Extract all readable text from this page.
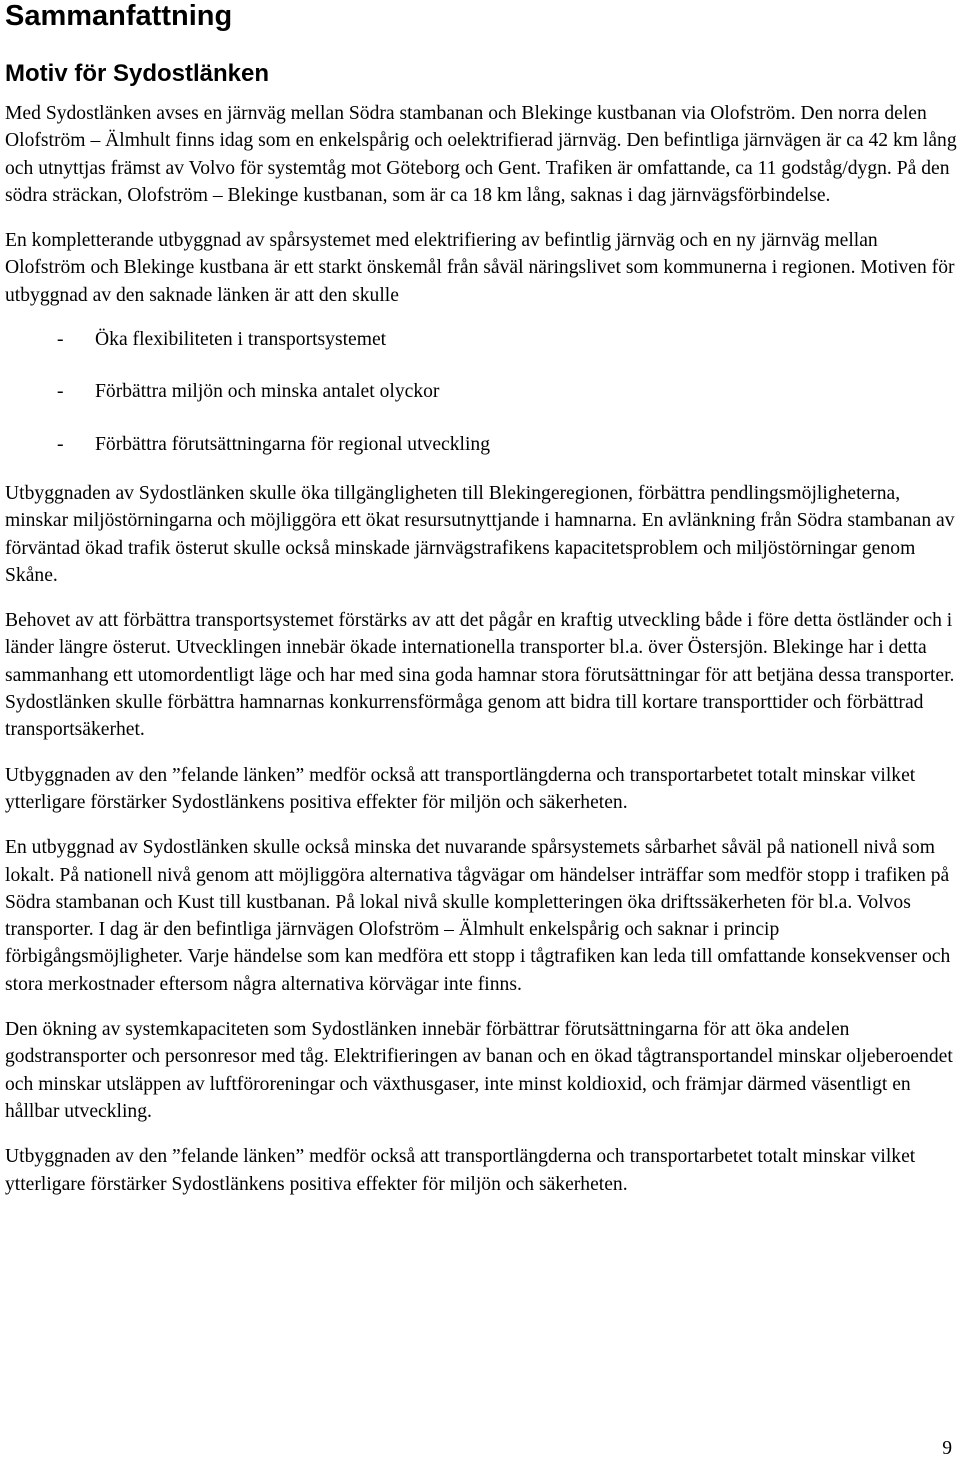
Sammanfattning
Motiv för Sydostlänken

Med Sydostlänken avses en järnväg mellan Södra stambanan och Blekinge kustbanan via Olofström. Den norra delen Olofström – Älmhult finns idag som en enkelspårig och oelektrifierad järnväg. Den befintliga järnvägen är ca 42 km lång och utnyttjas främst av Volvo för systemtåg mot Göteborg och Gent. Trafiken är omfattande, ca 11 godståg/dygn. På den södra sträckan, Olofström – Blekinge kustbanan, som är ca 18 km lång, saknas i dag järnvägsförbindelse.

En kompletterande utbyggnad av spårsystemet med elektrifiering av befintlig järnväg och en ny järnväg mellan Olofström och Blekinge kustbana är ett starkt önskemål från såväl näringslivet som kommunerna i regionen. Motiven för utbyggnad av den saknade länken är att den skulle

-	Öka flexibiliteten i transportsystemet
-	Förbättra miljön och minska antalet olyckor
-	Förbättra förutsättningarna för regional utveckling

Utbyggnaden av Sydostlänken skulle öka tillgängligheten till Blekingeregionen, förbättra pendlingsmöjligheterna, minskar miljöstörningarna och möjliggöra ett ökat resursutnyttjande i hamnarna. En avlänkning från Södra stambanan av förväntad ökad trafik österut skulle också minskade järnvägstrafikens kapacitetsproblem och miljöstörningar genom Skåne.

Behovet av att förbättra transportsystemet förstärks av att det pågår en kraftig utveckling både i före detta östländer och i länder längre österut. Utvecklingen innebär ökade internationella transporter bl.a. över Östersjön. Blekinge har i detta sammanhang ett utomordentligt läge och har med sina goda hamnar stora förutsättningar för att betjäna dessa transporter. Sydostlänken skulle förbättra hamnarnas konkurrensförmåga genom att bidra till kortare transporttider och förbättrad transportsäkerhet.

Utbyggnaden av den ”felande länken” medför också att transportlängderna och transportarbetet totalt minskar vilket ytterligare förstärker Sydostlänkens positiva effekter för miljön och säkerheten.

En utbyggnad av Sydostlänken skulle också minska det nuvarande spårsystemets sårbarhet såväl på nationell nivå som lokalt. På nationell nivå genom att möjliggöra alternativa tågvägar om händelser inträffar som medför stopp i trafiken på Södra stambanan och Kust till kustbanan. På lokal nivå skulle kompletteringen öka driftssäkerheten för bl.a. Volvos transporter. I dag är den befintliga järnvägen Olofström – Älmhult enkelspårig och saknar i princip förbigångsmöjligheter. Varje händelse som kan medföra ett stopp i tågtrafiken kan leda till omfattande konsekvenser och stora merkostnader eftersom några alternativa körvägar inte finns.

Den ökning av systemkapaciteten som Sydostlänken innebär förbättrar förutsättningarna för att öka andelen godstransporter och personresor med tåg. Elektrifieringen av banan och en ökad tågtransportandel minskar oljeberoendet och minskar utsläppen av luftföroreningar och växthusgaser, inte minst koldioxid, och främjar därmed väsentligt en hållbar utveckling.

Utbyggnaden av den ”felande länken” medför också att transportlängderna och transportarbetet totalt minskar vilket ytterligare förstärker Sydostlänkens positiva effekter för miljön och säkerheten.

9
